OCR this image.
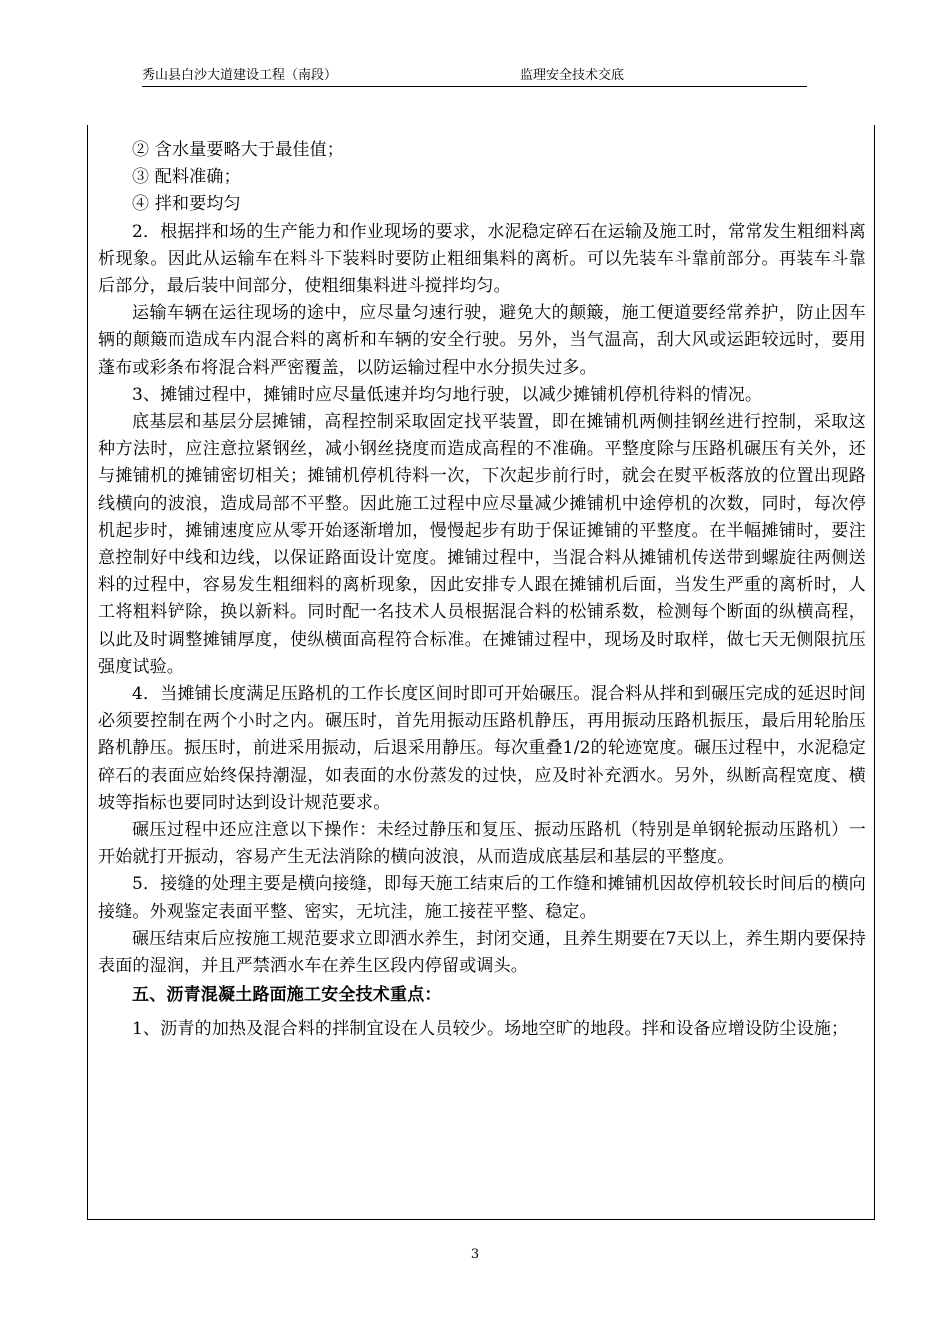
秀山县白沙大道建设工程（南段）	监理安全技术交底

② 含水量要略大于最佳值；

③ 配料准确；

④ 拌和要均匀

2．根据拌和场的生产能力和作业现场的要求，水泥稳定碎石在运输及施工时，常常发生粗细料离析现象。因此从运输车在料斗下装料时要防止粗细集料的离析。可以先装车斗靠前部分。再装车斗靠后部分，最后装中间部分，使粗细集料进斗搅拌均匀。

运输车辆在运往现场的途中，应尽量匀速行驶，避免大的颠簸，施工便道要经常养护，防止因车辆的颠簸而造成车内混合料的离析和车辆的安全行驶。另外，当气温高，刮大风或运距较远时，要用蓬布或彩条布将混合料严密覆盖，以防运输过程中水分损失过多。

3、摊铺过程中，摊铺时应尽量低速并均匀地行驶，以减少摊铺机停机待料的情况。

底基层和基层分层摊铺，高程控制采取固定找平装置，即在摊铺机两侧挂钢丝进行控制，采取这种方法时，应注意拉紧钢丝，减小钢丝挠度而造成高程的不准确。平整度除与压路机碾压有关外，还与摊铺机的摊铺密切相关；摊铺机停机待料一次，下次起步前行时，就会在熨平板落放的位置出现路线横向的波浪，造成局部不平整。因此施工过程中应尽量减少摊铺机中途停机的次数，同时，每次停机起步时，摊铺速度应从零开始逐渐增加，慢慢起步有助于保证摊铺的平整度。在半幅摊铺时，要注意控制好中线和边线，以保证路面设计宽度。摊铺过程中，当混合料从摊铺机传送带到螺旋往两侧送料的过程中，容易发生粗细料的离析现象，因此安排专人跟在摊铺机后面，当发生严重的离析时，人工将粗料铲除，换以新料。同时配一名技术人员根据混合料的松铺系数，检测每个断面的纵横高程，以此及时调整摊铺厚度，使纵横面高程符合标准。在摊铺过程中，现场及时取样，做七天无侧限抗压强度试验。

4．当摊铺长度满足压路机的工作长度区间时即可开始碾压。混合料从拌和到碾压完成的延迟时间必须要控制在两个小时之内。碾压时，首先用振动压路机静压，再用振动压路机振压，最后用轮胎压路机静压。振压时，前进采用振动，后退采用静压。每次重叠1/2的轮迹宽度。碾压过程中，水泥稳定碎石的表面应始终保持潮湿，如表面的水份蒸发的过快，应及时补充洒水。另外，纵断高程宽度、横坡等指标也要同时达到设计规范要求。

碾压过程中还应注意以下操作：未经过静压和复压、振动压路机（特别是单钢轮振动压路机）一开始就打开振动，容易产生无法消除的横向波浪，从而造成底基层和基层的平整度。

5．接缝的处理主要是横向接缝，即每天施工结束后的工作缝和摊铺机因故停机较长时间后的横向接缝。外观鉴定表面平整、密实，无坑洼，施工接茬平整、稳定。

碾压结束后应按施工规范要求立即洒水养生，封闭交通，且养生期要在7天以上，养生期内要保持表面的湿润，并且严禁洒水车在养生区段内停留或调头。

五、沥青混凝土路面施工安全技术重点：

1、沥青的加热及混合料的拌制宜设在人员较少。场地空旷的地段。拌和设备应增设防尘设施；

3
